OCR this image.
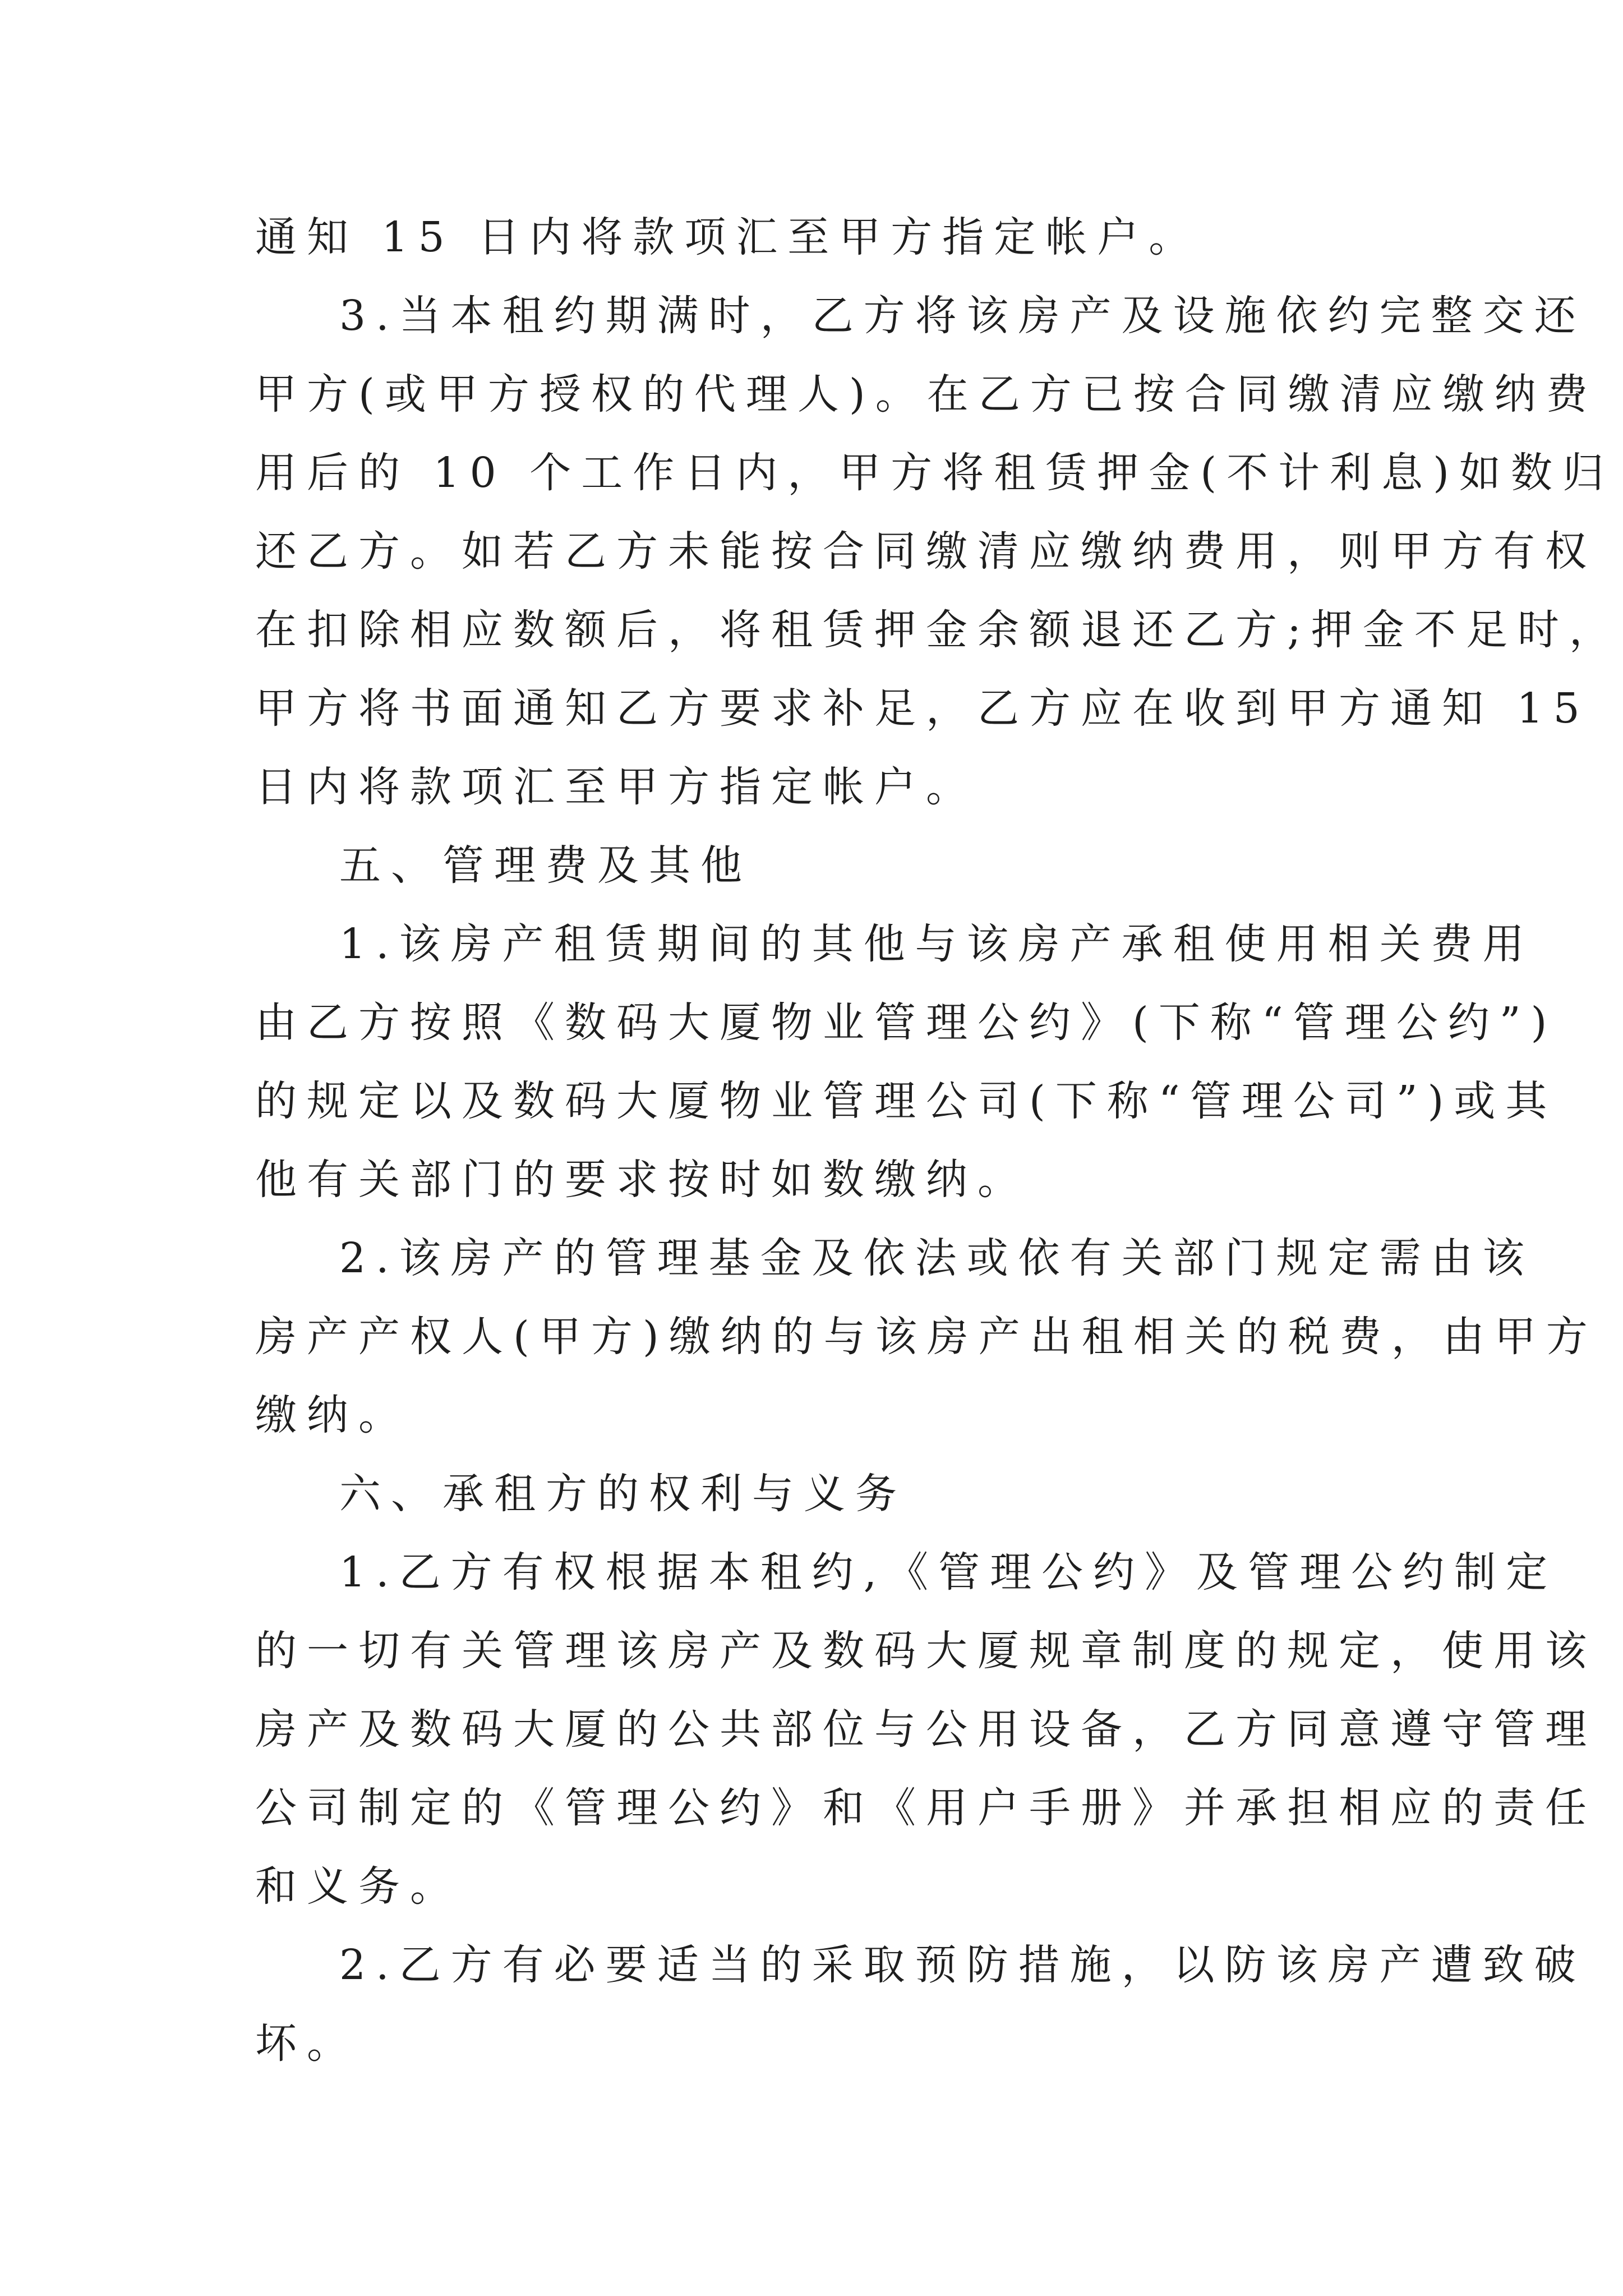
通知 15 日内将款项汇至甲方指定帐户。

3.当本租约期满时，乙方将该房产及设施依约完整交还

甲方(或甲方授权的代理人)。在乙方已按合同缴清应缴纳费

用后的 10 个工作日内，甲方将租赁押金(不计利息)如数归

还乙方。如若乙方未能按合同缴清应缴纳费用，则甲方有权

在扣除相应数额后，将租赁押金余额退还乙方;押金不足时，

甲方将书面通知乙方要求补足，乙方应在收到甲方通知 15

日内将款项汇至甲方指定帐户。

五、管理费及其他

1.该房产租赁期间的其他与该房产承租使用相关费用

由乙方按照《数码大厦物业管理公约》(下称“管理公约”)

的规定以及数码大厦物业管理公司(下称“管理公司”)或其

他有关部门的要求按时如数缴纳。

2.该房产的管理基金及依法或依有关部门规定需由该

房产产权人(甲方)缴纳的与该房产出租相关的税费，由甲方

缴纳。

六、承租方的权利与义务

1.乙方有权根据本租约,《管理公约》及管理公约制定

的一切有关管理该房产及数码大厦规章制度的规定，使用该

房产及数码大厦的公共部位与公用设备，乙方同意遵守管理

公司制定的《管理公约》和《用户手册》并承担相应的责任

和义务。

2.乙方有必要适当的采取预防措施，以防该房产遭致破

坏。
